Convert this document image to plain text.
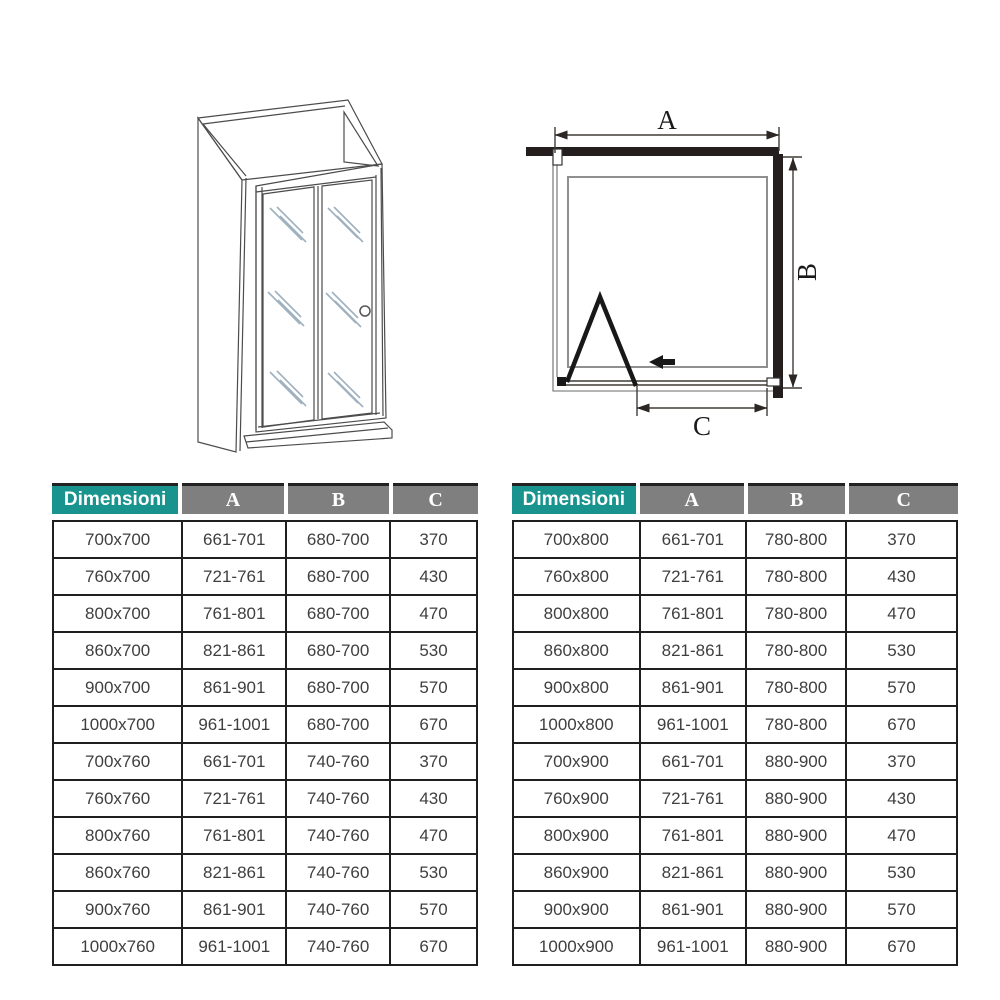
A
B
C
Dimensioni	A	B	C
700x700	661-701	680-700	370
760x700	721-761	680-700	430
800x700	761-801	680-700	470
860x700	821-861	680-700	530
900x700	861-901	680-700	570
1000x700	961-1001	680-700	670
700x760	661-701	740-760	370
760x760	721-761	740-760	430
800x760	761-801	740-760	470
860x760	821-861	740-760	530
900x760	861-901	740-760	570
1000x760	961-1001	740-760	670
Dimensioni	A	B	C
700x800	661-701	780-800	370
760x800	721-761	780-800	430
800x800	761-801	780-800	470
860x800	821-861	780-800	530
900x800	861-901	780-800	570
1000x800	961-1001	780-800	670
700x900	661-701	880-900	370
760x900	721-761	880-900	430
800x900	761-801	880-900	470
860x900	821-861	880-900	530
900x900	861-901	880-900	570
1000x900	961-1001	880-900	670
